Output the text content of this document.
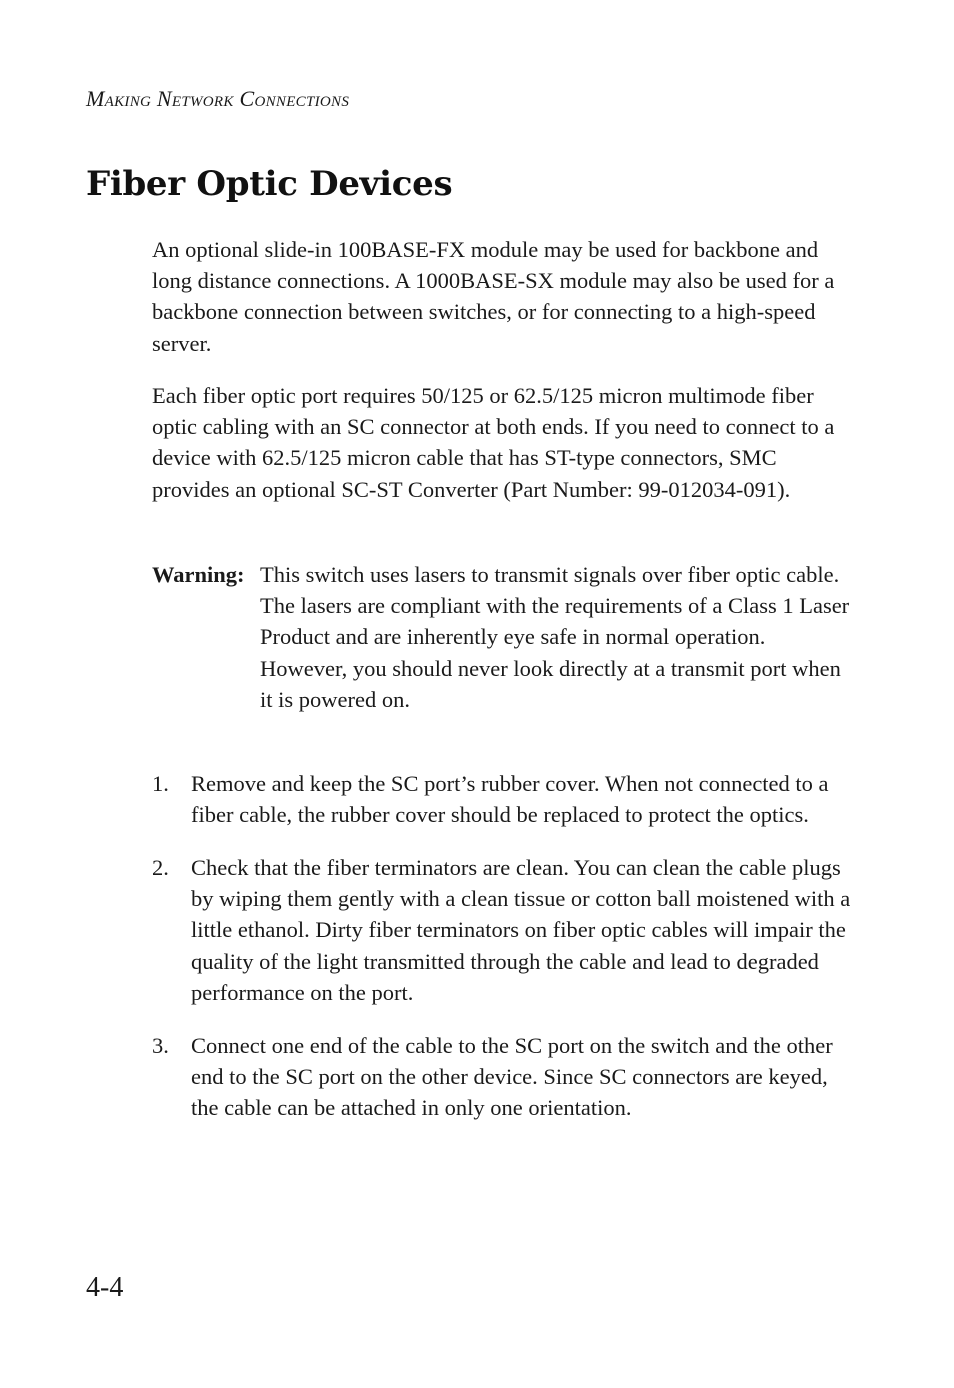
Making Network Connections
Fiber Optic Devices

An optional slide-in 100BASE-FX module may be used for backbone and long distance connections. A 1000BASE-SX module may also be used for a backbone connection between switches, or for connecting to a high-speed server.

Each fiber optic port requires 50/125 or 62.5/125 micron multimode fiber optic cabling with an SC connector at both ends. If you need to connect to a device with 62.5/125 micron cable that has ST-type connectors, SMC provides an optional SC-ST Converter (Part Number: 99-012034-091).

Warning: This switch uses lasers to transmit signals over fiber optic cable. The lasers are compliant with the requirements of a Class 1 Laser Product and are inherently eye safe in normal operation. However, you should never look directly at a transmit port when it is powered on.
1. Remove and keep the SC port’s rubber cover. When not connected to a fiber cable, the rubber cover should be replaced to protect the optics.
2. Check that the fiber terminators are clean. You can clean the cable plugs by wiping them gently with a clean tissue or cotton ball moistened with a little ethanol. Dirty fiber terminators on fiber optic cables will impair the quality of the light transmitted through the cable and lead to degraded performance on the port.
3. Connect one end of the cable to the SC port on the switch and the other end to the SC port on the other device. Since SC connectors are keyed, the cable can be attached in only one orientation.
4-4
